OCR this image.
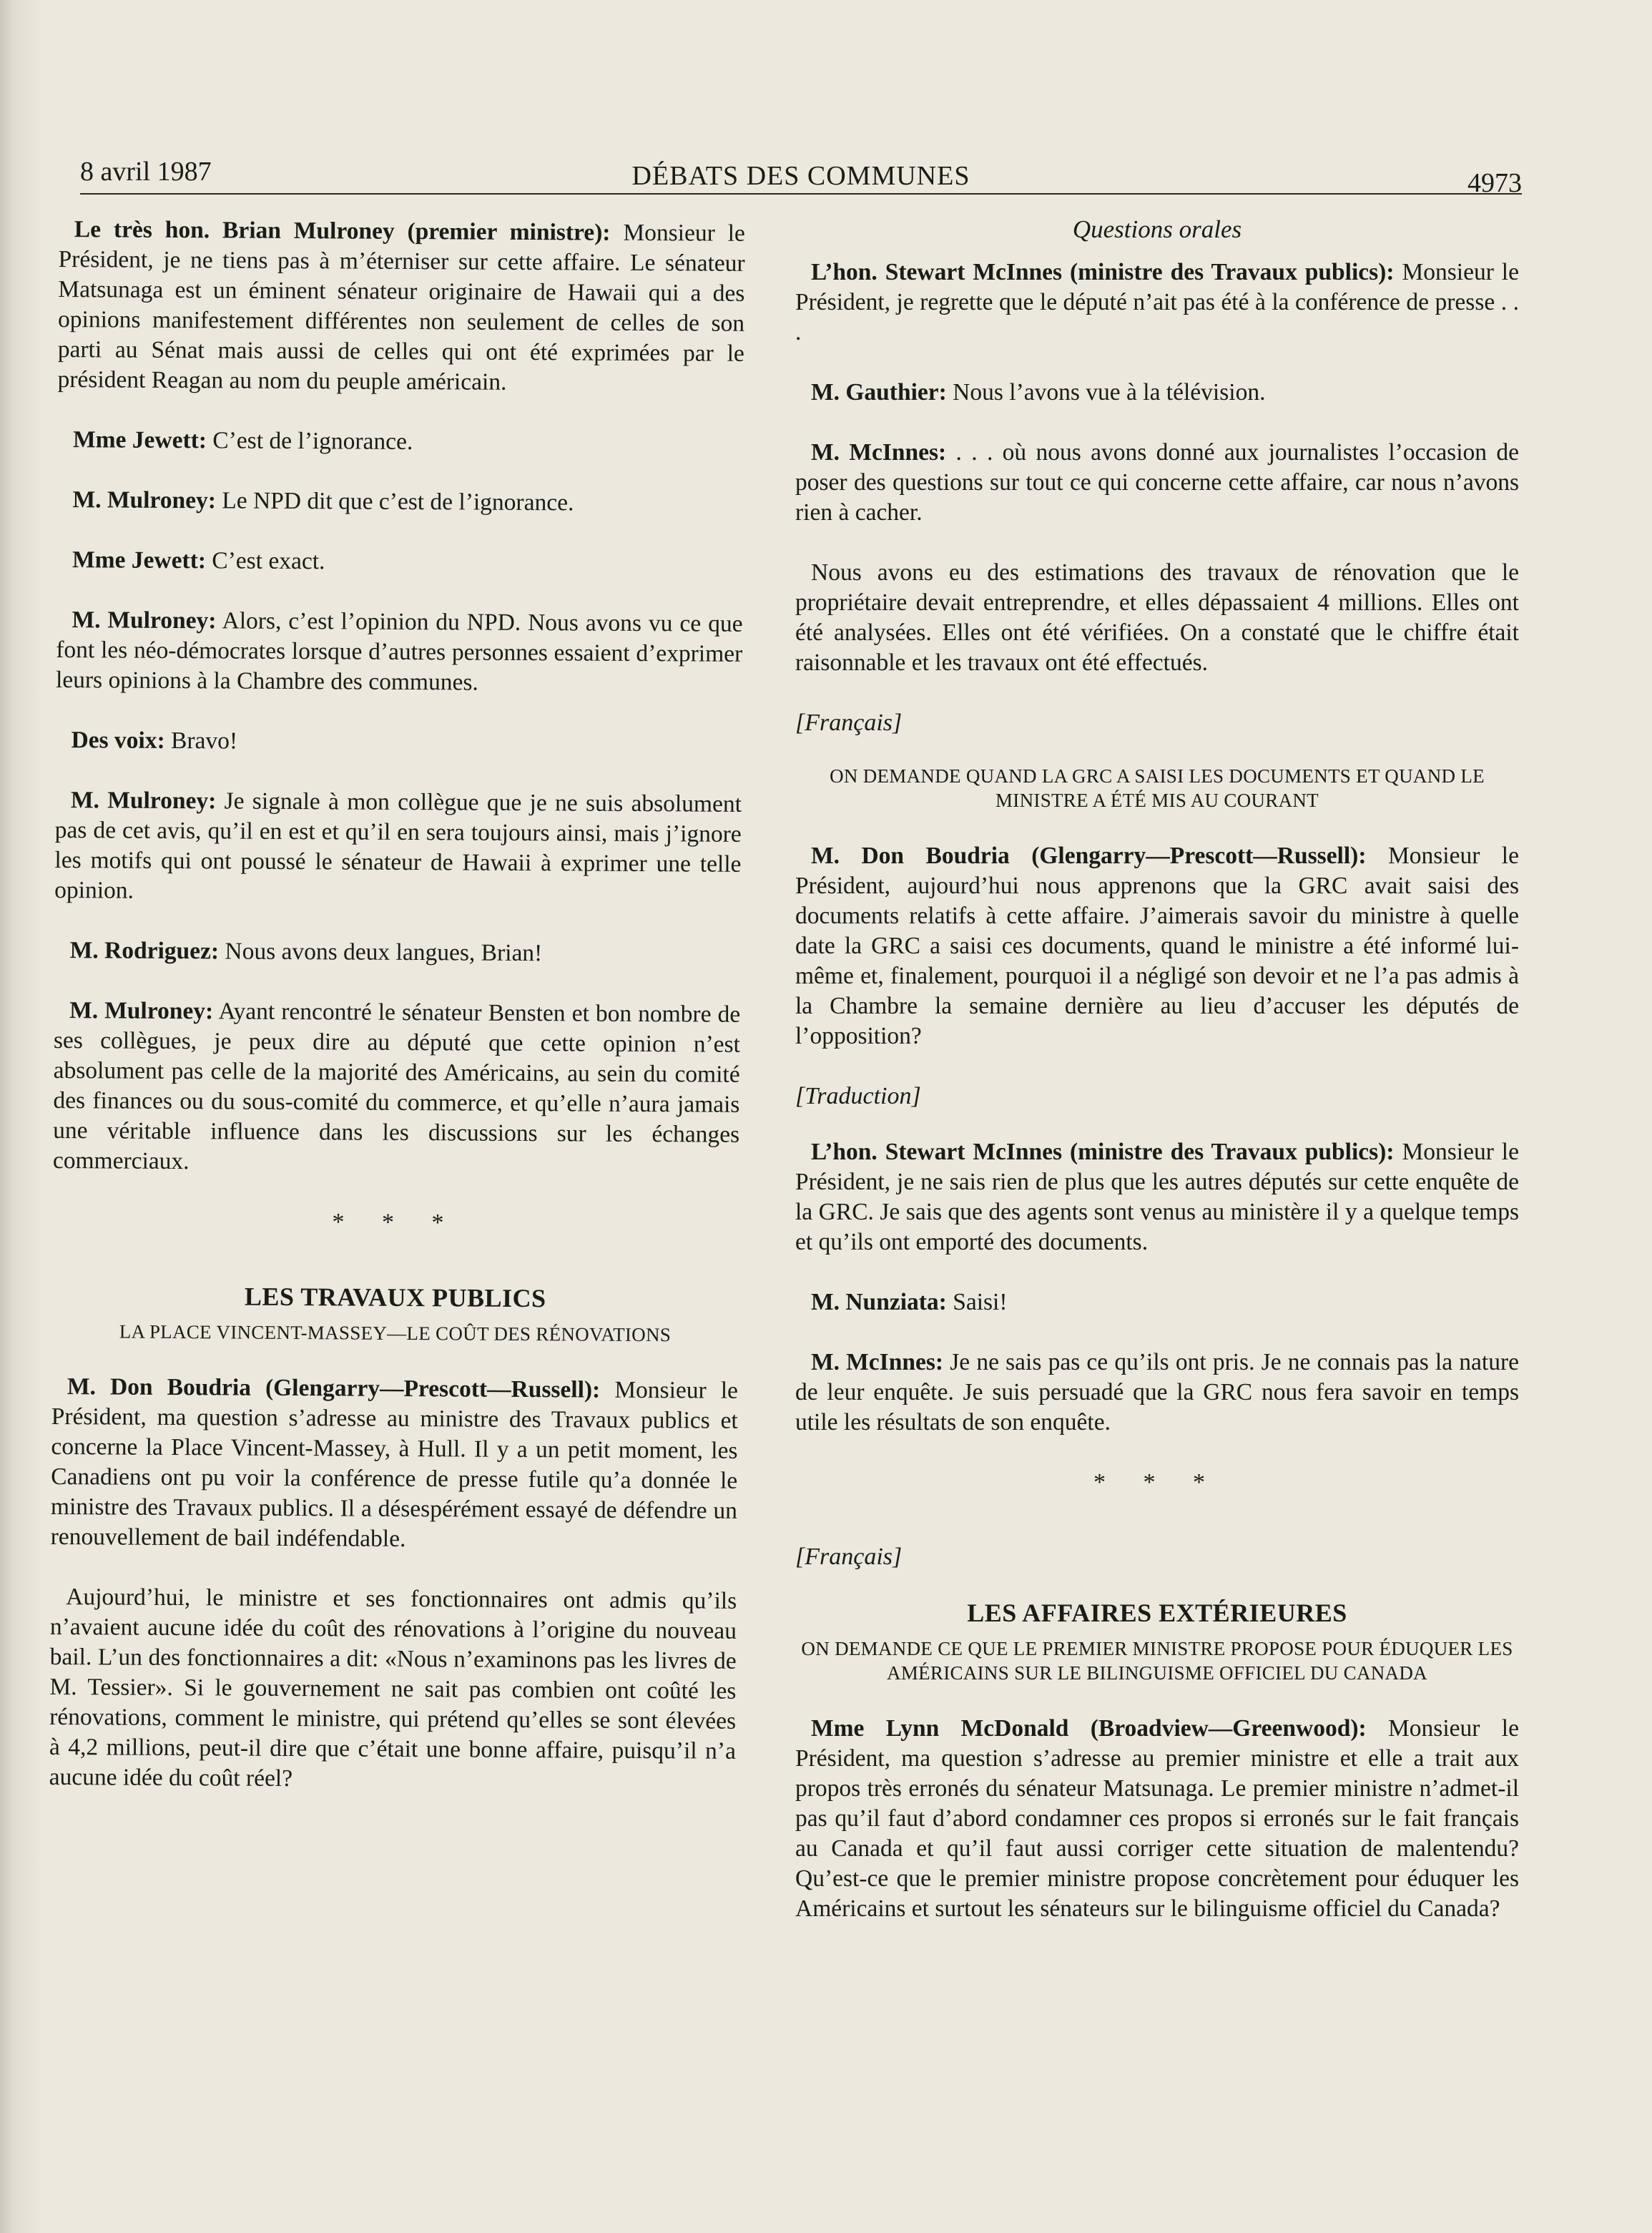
8 avril 1987	DÉBATS DES COMMUNES	4973

Le très hon. Brian Mulroney (premier ministre): Monsieur le Président, je ne tiens pas à m’éterniser sur cette affaire. Le sénateur Matsunaga est un éminent sénateur originaire de Hawaii qui a des opinions manifestement différentes non seulement de celles de son parti au Sénat mais aussi de celles qui ont été exprimées par le président Reagan au nom du peuple américain.

Mme Jewett: C’est de l’ignorance.

M. Mulroney: Le NPD dit que c’est de l’ignorance.

Mme Jewett: C’est exact.

M. Mulroney: Alors, c’est l’opinion du NPD. Nous avons vu ce que font les néo-démocrates lorsque d’autres personnes essaient d’exprimer leurs opinions à la Chambre des communes.

Des voix: Bravo!

M. Mulroney: Je signale à mon collègue que je ne suis absolument pas de cet avis, qu’il en est et qu’il en sera toujours ainsi, mais j’ignore les motifs qui ont poussé le sénateur de Hawaii à exprimer une telle opinion.

M. Rodriguez: Nous avons deux langues, Brian!

M. Mulroney: Ayant rencontré le sénateur Bensten et bon nombre de ses collègues, je peux dire au député que cette opinion n’est absolument pas celle de la majorité des Américains, au sein du comité des finances ou du sous-comité du commerce, et qu’elle n’aura jamais une véritable influence dans les discussions sur les échanges commerciaux.

* * *
LES TRAVAUX PUBLICS
LA PLACE VINCENT-MASSEY—LE COÛT DES RÉNOVATIONS

M. Don Boudria (Glengarry—Prescott—Russell): Monsieur le Président, ma question s’adresse au ministre des Travaux publics et concerne la Place Vincent-Massey, à Hull. Il y a un petit moment, les Canadiens ont pu voir la conférence de presse futile qu’a donnée le ministre des Travaux publics. Il a désespérément essayé de défendre un renouvellement de bail indéfendable.

Aujourd’hui, le ministre et ses fonctionnaires ont admis qu’ils n’avaient aucune idée du coût des rénovations à l’origine du nouveau bail. L’un des fonctionnaires a dit: «Nous n’examinons pas les livres de M. Tessier». Si le gouvernement ne sait pas combien ont coûté les rénovations, comment le ministre, qui prétend qu’elles se sont élevées à 4,2 millions, peut-il dire que c’était une bonne affaire, puisqu’il n’a aucune idée du coût réel?

Questions orales

L’hon. Stewart McInnes (ministre des Travaux publics): Monsieur le Président, je regrette que le député n’ait pas été à la conférence de presse . . .

M. Gauthier: Nous l’avons vue à la télévision.

M. McInnes: . . . où nous avons donné aux journalistes l’occasion de poser des questions sur tout ce qui concerne cette affaire, car nous n’avons rien à cacher.

Nous avons eu des estimations des travaux de rénovation que le propriétaire devait entreprendre, et elles dépassaient 4 millions. Elles ont été analysées. Elles ont été vérifiées. On a constaté que le chiffre était raisonnable et les travaux ont été effectués.

[Français]
ON DEMANDE QUAND LA GRC A SAISI LES DOCUMENTS ET QUAND LE MINISTRE A ÉTÉ MIS AU COURANT

M. Don Boudria (Glengarry—Prescott—Russell): Monsieur le Président, aujourd’hui nous apprenons que la GRC avait saisi des documents relatifs à cette affaire. J’aimerais savoir du ministre à quelle date la GRC a saisi ces documents, quand le ministre a été informé lui-même et, finalement, pourquoi il a négligé son devoir et ne l’a pas admis à la Chambre la semaine dernière au lieu d’accuser les députés de l’opposition?

[Traduction]

L’hon. Stewart McInnes (ministre des Travaux publics): Monsieur le Président, je ne sais rien de plus que les autres députés sur cette enquête de la GRC. Je sais que des agents sont venus au ministère il y a quelque temps et qu’ils ont emporté des documents.

M. Nunziata: Saisi!

M. McInnes: Je ne sais pas ce qu’ils ont pris. Je ne connais pas la nature de leur enquête. Je suis persuadé que la GRC nous fera savoir en temps utile les résultats de son enquête.

* * *
[Français]
LES AFFAIRES EXTÉRIEURES
ON DEMANDE CE QUE LE PREMIER MINISTRE PROPOSE POUR ÉDUQUER LES AMÉRICAINS SUR LE BILINGUISME OFFICIEL DU CANADA

Mme Lynn McDonald (Broadview—Greenwood): Monsieur le Président, ma question s’adresse au premier ministre et elle a trait aux propos très erronés du sénateur Matsunaga. Le premier ministre n’admet-il pas qu’il faut d’abord condamner ces propos si erronés sur le fait français au Canada et qu’il faut aussi corriger cette situation de malentendu? Qu’est-ce que le premier ministre propose concrètement pour éduquer les Américains et surtout les sénateurs sur le bilinguisme officiel du Canada?
